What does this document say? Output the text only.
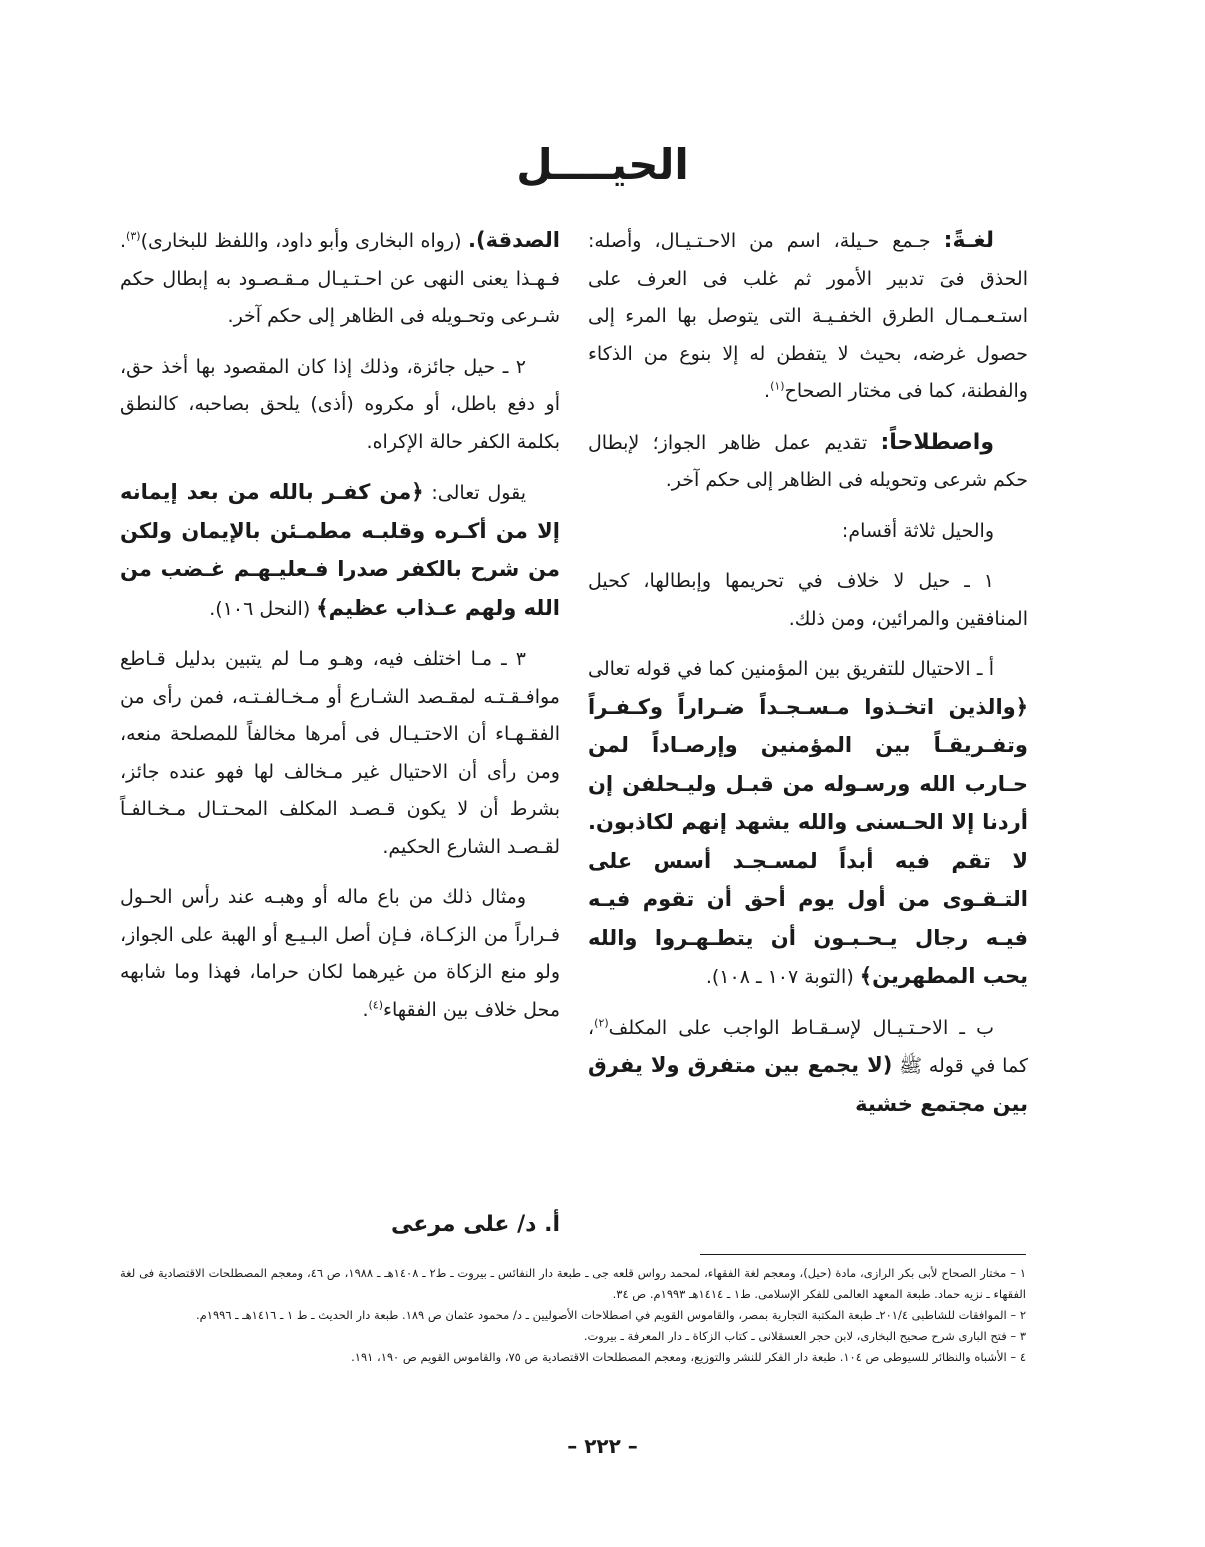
الحيــــل

لغـةً: جـمع حـيلة، اسم من الاحـتـيـال، وأصله: الحذق فىَ تدبير الأمور ثم غلب فى العرف على استـعـمـال الطرق الخفـيـة التى يتوصل بها المرء إلى حصول غرضه، بحيث لا يتفطن له إلا بنوع من الذكاء والفطنة، كما فى مختار الصحاح$^{(١)}$.

واصطلاحاً: تقديم عمل ظاهر الجواز؛ لإبطال حكم شرعى وتحويله فى الظاهر إلى حكم آخر.

والحيل ثلاثة أقسام:

١ ـ حيل لا خلاف في تحريمها وإبطالها، كحيل المنافقين والمرائين، ومن ذلك.

أ ـ الاحتيال للتفريق بين المؤمنين كما في قوله تعالى ﴿والذين اتخـذوا مـسـجـداً ضـراراً وكـفـراً وتفـريقـاً بين المؤمنين وإرصـاداً لمن حـارب الله ورسـوله من قبـل وليـحلفن إن أردنا إلا الحـسنى والله يشهد إنهم لكاذبون. لا تقم فيه أبداً لمسـجـد أسس على التـقـوى من أول يوم أحق أن تقوم فيـه فيـه رجال يـحـبـون أن يتطـهـروا والله يحب المطهرين﴾ (التوبة ١٠٧ ـ ١٠٨).

ب ـ الاحـتـيـال لإسـقـاط الواجب على المكلف$^{(٢)}$، كما في قوله ﷺ (لا يجمع بين متفرق ولا يفرق بين مجتمع خشية

الصدقة). (رواه البخارى وأبو داود، واللفظ للبخارى)$^{(٣)}$. فـهـذا يعنى النهى عن احـتـيـال مـقـصـود به إبطال حكم شـرعى وتحـويله فى الظاهر إلى حكم آخر.

٢ ـ حيل جائزة، وذلك إذا كان المقصود بها أخذ حق، أو دفع باطل، أو مكروه (أذى) يلحق بصاحبه، كالنطق بكلمة الكفر حالة الإكراه.

يقول تعالى: ﴿من كفـر بالله من بعد إيمانه إلا من أكـره وقلبـه مطمـئن بالإيمان ولكن من شرح بالكفر صدرا فـعليـهـم غـضب من الله ولهم عـذاب عظيم﴾ (النحل ١٠٦).

٣ ـ مـا اختلف فيه، وهـو مـا لم يتبين بدليل قـاطع موافـقـتـه لمقـصد الشـارع أو مـخـالفـتـه، فمن رأى من الفقـهـاء أن الاحتـيـال فى أمرها مخالفاً للمصلحة منعه، ومن رأى أن الاحتيال غير مـخالف لها فهو عنده جائز، بشرط أن لا يكون قـصـد المكلف المحـتـال مـخـالفـاً لقـصـد الشارع الحكيم.

ومثال ذلك من باع ماله أو وهبـه عند رأس الحـول فـراراً من الزكـاة، فـإن أصل البـيـع أو الهبة على الجواز، ولو منع الزكاة من غيرهما لكان حراما، فهذا وما شابهه محل خلاف بين الفقهاء$^{(٤)}$.

أ. د/ على مرعى

١ – مختار الصحاح لأبى بكر الرازى، مادة (حيل)، ومعجم لغة الفقهاء، لمحمد رواس قلعه جى ـ طبعة دار النفائس ـ بيروت ـ ط٢ ـ ١٤٠٨هـ ـ ١٩٨٨، ص ٤٦، ومعجم المصطلحات الاقتصادية فى لغة الفقهاء ـ نزيه حماد. طبعة المعهد العالمى للفكر الإسلامى. ط١ ـ ١٤١٤هـ ١٩٩٣م. ص ٣٤.

٢ – الموافقات للشاطبى ٢٠١/٤ـ طبعة المكتبة التجارية بمصر، والقاموس القويم في اصطلاحات الأصوليين ـ د/ محمود عثمان ص ١٨٩. طبعة دار الحديث ـ ط ١ ـ ١٤١٦هـ ـ ١٩٩٦م.

٣ – فتح البارى شرح صحيح البخارى، لابن حجر العسقلانى ـ كتاب الزكاة ـ دار المعرفة ـ بيروت.

٤ – الأشباه والنظائر للسيوطى ص ١٠٤. طبعة دار الفكر للنشر والتوزيع، ومعجم المصطلحات الاقتصادية ص ٧٥، والقاموس القويم ص ١٩٠، ١٩١.

– ٢٢٢ –
